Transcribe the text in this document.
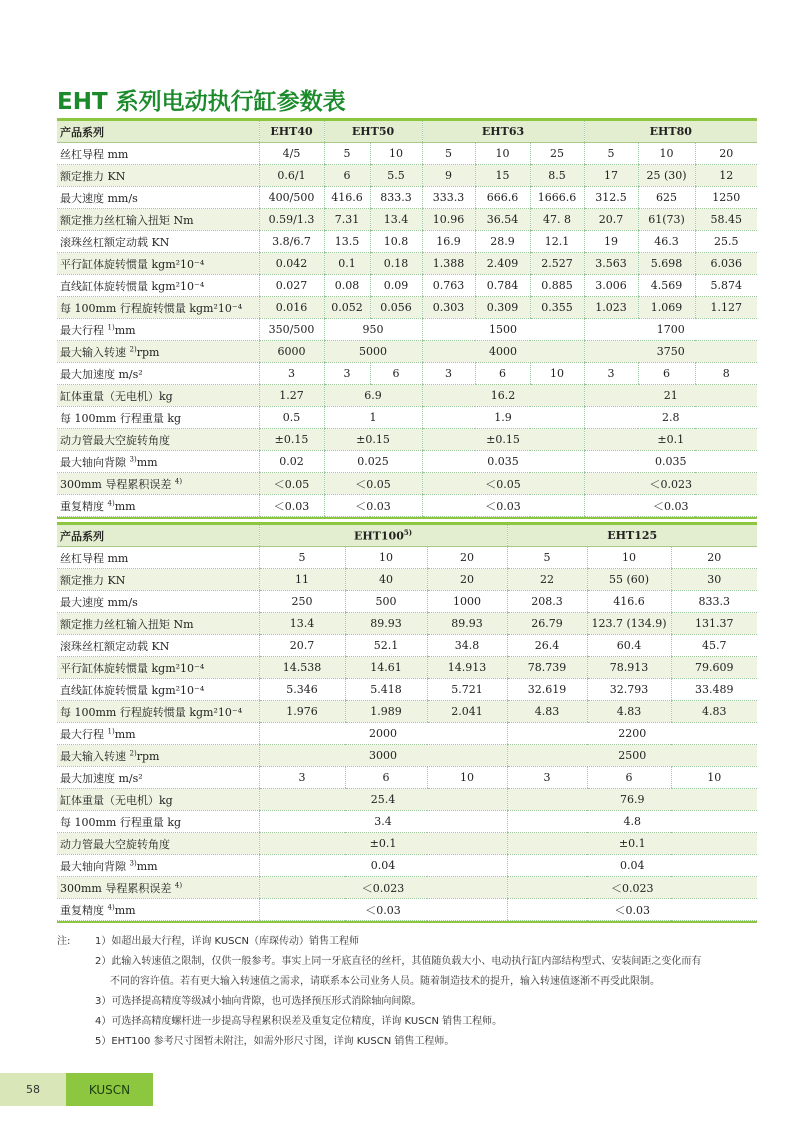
EHT 系列电动执行缸参数表

产品系列	EHT40	EHT50		EHT63			EHT80		
丝杠导程 mm	4/5	5	10	5	10	25	5	10	20
额定推力 KN	0.6/1	6	5.5	9	15	8.5	17	25 (30)	12
最大速度 mm/s	400/500	416.6	833.3	333.3	666.6	1666.6	312.5	625	1250
额定推力丝杠输入扭矩 Nm	0.59/1.3	7.31	13.4	10.96	36.54	47. 8	20.7	61(73)	58.45
滚珠丝杠额定动载 KN	3.8/6.7	13.5	10.8	16.9	28.9	12.1	19	46.3	25.5
平行缸体旋转惯量 kgm²10⁻⁴	0.042	0.1	0.18	1.388	2.409	2.527	3.563	5.698	6.036
直线缸体旋转惯量 kgm²10⁻⁴	0.027	0.08	0.09	0.763	0.784	0.885	3.006	4.569	5.874
每 100mm 行程旋转惯量 kgm²10⁻⁴	0.016	0.052	0.056	0.303	0.309	0.355	1.023	1.069	1.127
最大行程 $^{1)}$mm	350/500	950		1500			1700		
最大输入转速 $^{2)}$rpm	6000	5000		4000			3750		
最大加速度 m/s²	3	3	6	3	6	10	3	6	8
缸体重量（无电机）kg	1.27	6.9		16.2			21		
每 100mm 行程重量 kg	0.5	1		1.9			2.8		
动力管最大空旋转角度	±0.15	±0.15		±0.15			±0.1		
最大轴向背隙 $^{3)}$mm	0.02	0.025		0.035			0.035		
300mm 导程累积误差 $^{4)}$	＜0.05	＜0.05		＜0.05			＜0.023		
重复精度 $^{4)}$mm	＜0.03	＜0.03		＜0.03			＜0.03		

产品系列	EHT100$^{5)}$			EHT125		
丝杠导程 mm	5	10	20	5	10	20
额定推力 KN	11	40	20	22	55 (60)	30
最大速度 mm/s	250	500	1000	208.3	416.6	833.3
额定推力丝杠输入扭矩 Nm	13.4	89.93	89.93	26.79	123.7 (134.9)	131.37
滚珠丝杠额定动载 KN	20.7	52.1	34.8	26.4	60.4	45.7
平行缸体旋转惯量 kgm²10⁻⁴	14.538	14.61	14.913	78.739	78.913	79.609
直线缸体旋转惯量 kgm²10⁻⁴	5.346	5.418	5.721	32.619	32.793	33.489
每 100mm 行程旋转惯量 kgm²10⁻⁴	1.976	1.989	2.041	4.83	4.83	4.83
最大行程 $^{1)}$mm	2000			2200		
最大输入转速 $^{2)}$rpm	3000			2500		
最大加速度 m/s²	3	6	10	3	6	10
缸体重量（无电机）kg	25.4			76.9		
每 100mm 行程重量 kg	3.4			4.8		
动力管最大空旋转角度	±0.1			±0.1		
最大轴向背隙 $^{3)}$mm	0.04			0.04		
300mm 导程累积误差 $^{4)}$	＜0.023			＜0.023		
重复精度 $^{4)}$mm	＜0.03			＜0.03		

注: 1）如超出最大行程，详询 KUSCN（库琛传动）销售工程师
2）此输入转速值之限制，仅供一般参考。事实上同一牙底直径的丝杆，其值随负载大小、电动执行缸内部结构型式、安装间距之变化而有
不同的容许值。若有更大输入转速值之需求，请联系本公司业务人员。随着制造技术的提升，输入转速值逐渐不再受此限制。
3）可选择提高精度等级减小轴向背隙，也可选择预压形式消除轴向间隙。
4）可选择高精度螺杆进一步提高导程累积误差及重复定位精度，详询 KUSCN 销售工程师。
5）EHT100 参考尺寸图暂未附注，如需外形尺寸图，详询 KUSCN 销售工程师。
58	KUSCN
